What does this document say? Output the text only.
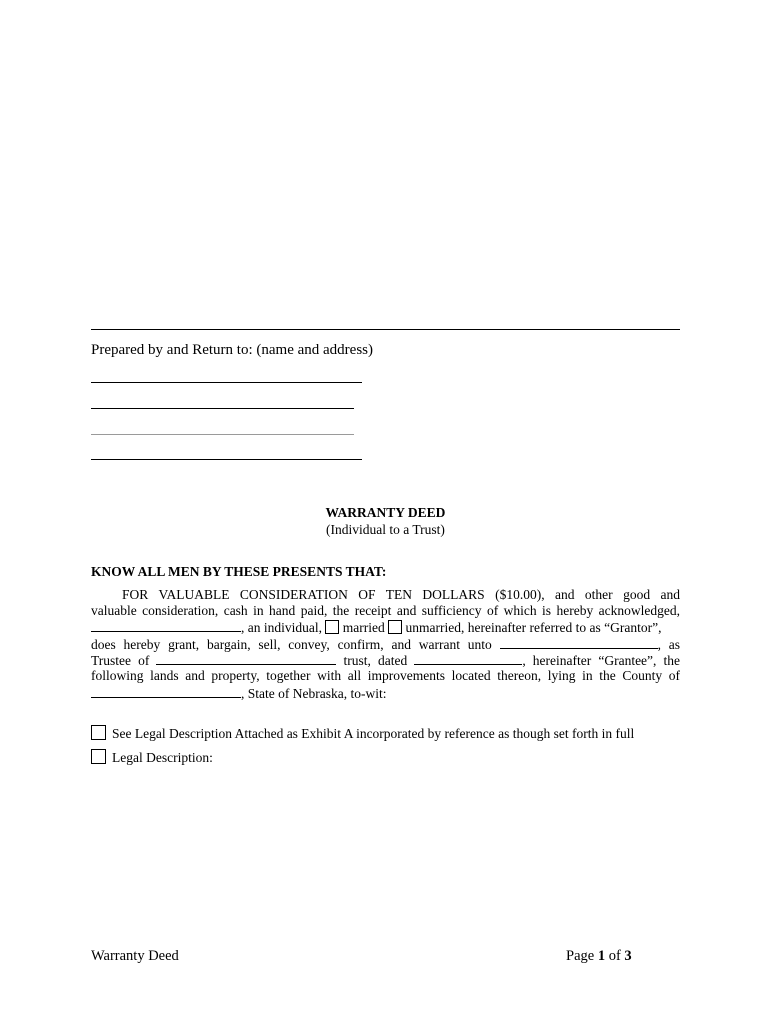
Prepared by and Return to: (name and address)
WARRANTY DEED
(Individual to a Trust)
KNOW ALL MEN BY THESE PRESENTS THAT:
FOR VALUABLE CONSIDERATION OF TEN DOLLARS ($10.00), and other good and
valuable consideration, cash in hand paid, the receipt and sufficiency of which is hereby acknowledged,
, an individual, married unmarried, hereinafter referred to as “Grantor”,
does hereby grant, bargain, sell, convey, confirm, and warrant unto	, as
Trustee of	trust, dated	, hereinafter “Grantee”, the
following lands and property, together with all improvements located thereon, lying in the County of
, State of Nebraska, to-wit:
See Legal Description Attached as Exhibit A incorporated by reference as though set forth in full
Legal Description:
Warranty Deed	Page 1 of 3
